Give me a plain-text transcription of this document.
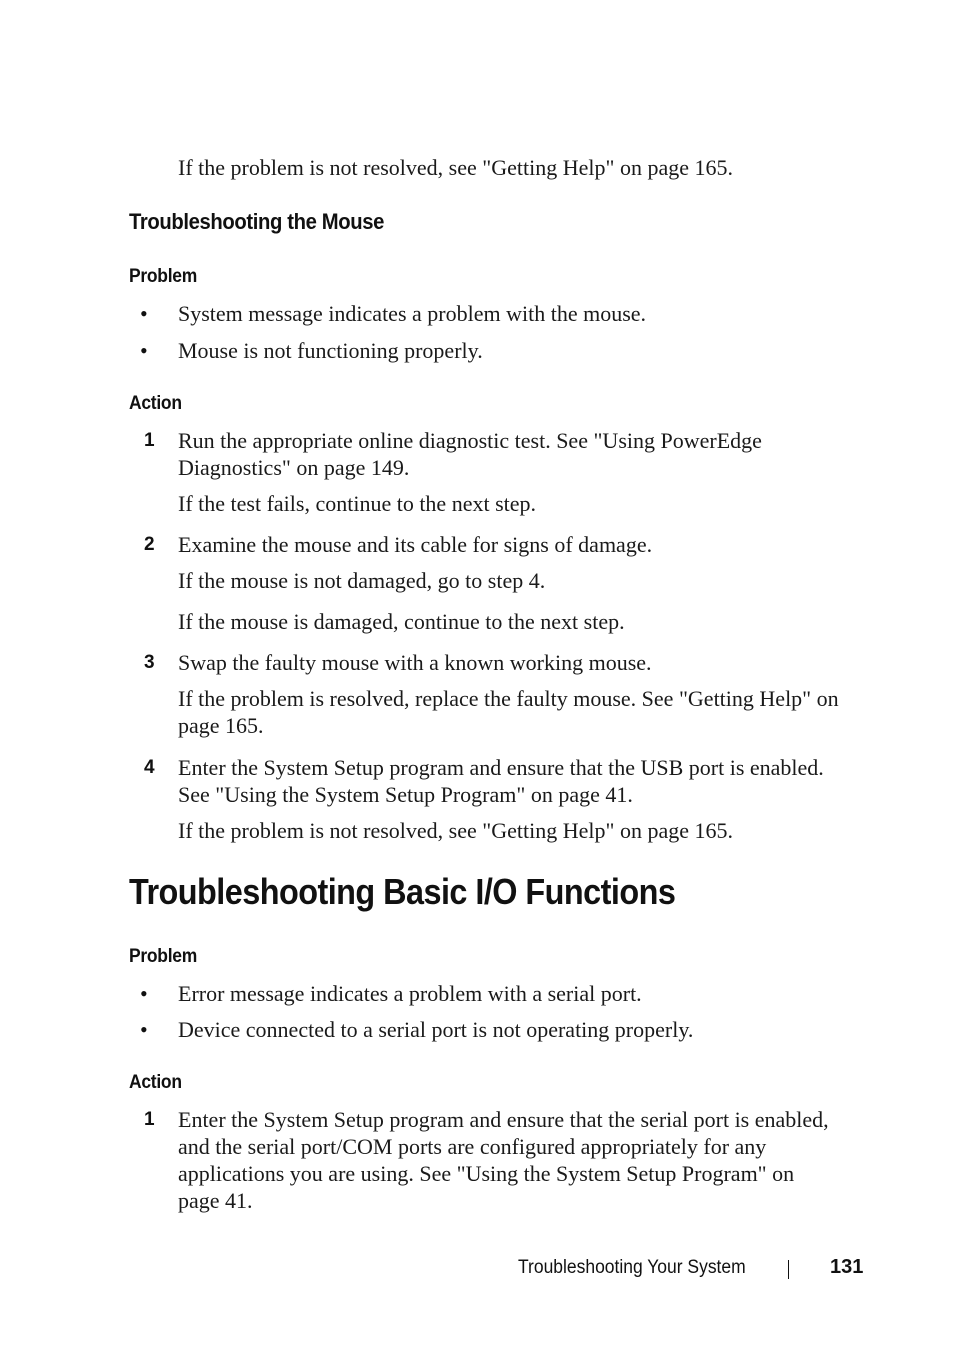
If the problem is not resolved, see "Getting Help" on page 165.
Troubleshooting the Mouse
Problem
• System message indicates a problem with the mouse.
• Mouse is not functioning properly.
Action
1 Run the appropriate online diagnostic test. See "Using PowerEdge
Diagnostics" on page 149.
If the test fails, continue to the next step.
2 Examine the mouse and its cable for signs of damage.
If the mouse is not damaged, go to step 4.
If the mouse is damaged, continue to the next step.
3 Swap the faulty mouse with a known working mouse.
If the problem is resolved, replace the faulty mouse. See "Getting Help" on
page 165.
4 Enter the System Setup program and ensure that the USB port is enabled.
See "Using the System Setup Program" on page 41.
If the problem is not resolved, see "Getting Help" on page 165.
Troubleshooting Basic I/O Functions
Problem
• Error message indicates a problem with a serial port.
• Device connected to a serial port is not operating properly.
Action
1 Enter the System Setup program and ensure that the serial port is enabled,
and the serial port/COM ports are configured appropriately for any
applications you are using. See "Using the System Setup Program" on
page 41.
Troubleshooting Your System	131
